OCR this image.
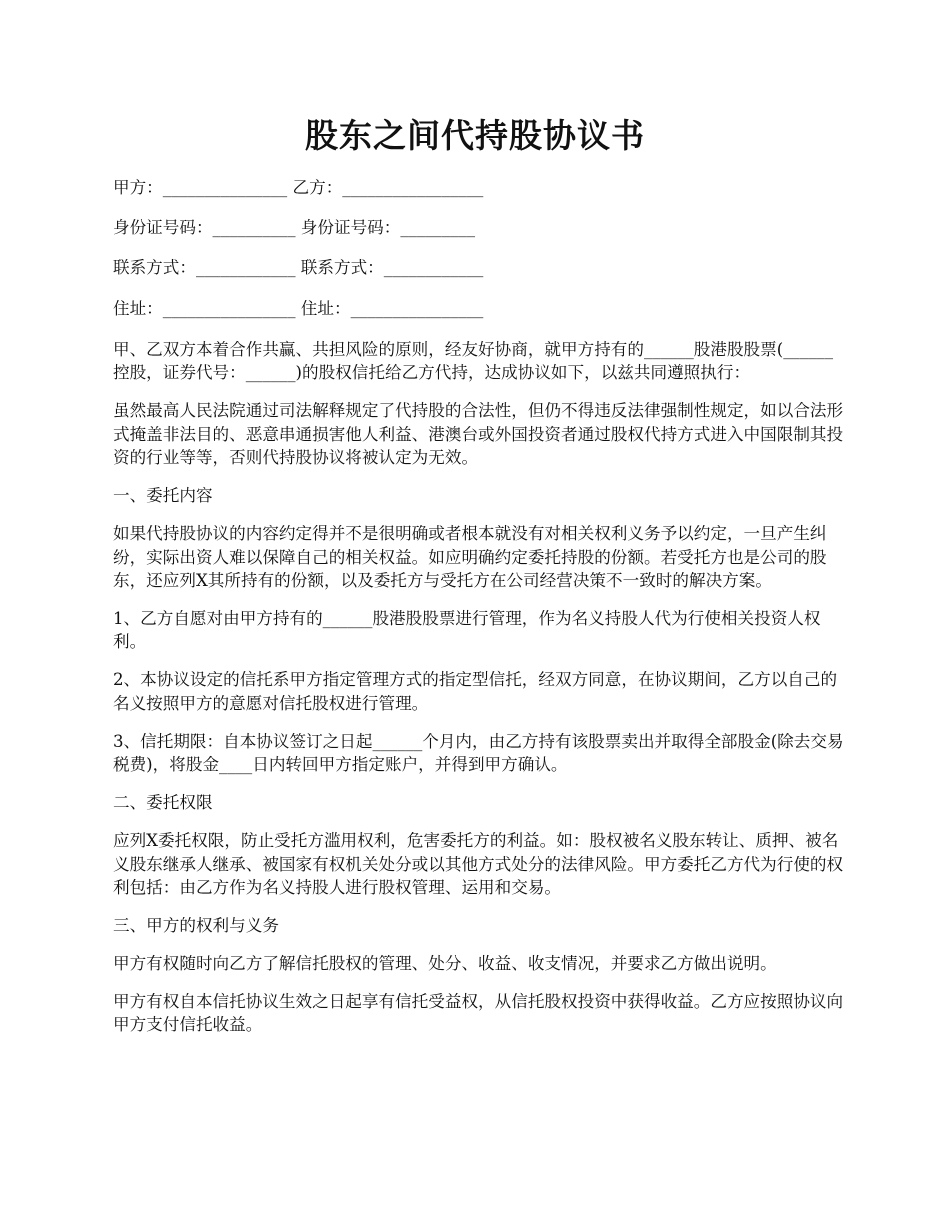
股东之间代持股协议书

甲方：_______________ 乙方：_________________

身份证号码：__________ 身份证号码：_________

联系方式：____________ 联系方式：____________

住址：________________ 住址：________________

甲、乙双方本着合作共赢、共担风险的原则，经友好协商，就甲方持有的______股港股股票(______控股，证券代号：______)的股权信托给乙方代持，达成协议如下，以兹共同遵照执行：

虽然最高人民法院通过司法解释规定了代持股的合法性，但仍不得违反法律强制性规定，如以合法形式掩盖非法目的、恶意串通损害他人利益、港澳台或外国投资者通过股权代持方式进入中国限制其投资的行业等等，否则代持股协议将被认定为无效。

一、委托内容

如果代持股协议的内容约定得并不是很明确或者根本就没有对相关权利义务予以约定，一旦产生纠纷，实际出资人难以保障自己的相关权益。如应明确约定委托持股的份额。若受托方也是公司的股东，还应列X其所持有的份额，以及委托方与受托方在公司经营决策不一致时的解决方案。

1、乙方自愿对由甲方持有的______股港股股票进行管理，作为名义持股人代为行使相关投资人权利。

2、本协议设定的信托系甲方指定管理方式的指定型信托，经双方同意，在协议期间，乙方以自己的名义按照甲方的意愿对信托股权进行管理。

3、信托期限：自本协议签订之日起______个月内，由乙方持有该股票卖出并取得全部股金(除去交易税费)，将股金____日内转回甲方指定账户，并得到甲方确认。

二、委托权限

应列X委托权限，防止受托方滥用权利，危害委托方的利益。如：股权被名义股东转让、质押、被名义股东继承人继承、被国家有权机关处分或以其他方式处分的法律风险。甲方委托乙方代为行使的权利包括：由乙方作为名义持股人进行股权管理、运用和交易。

三、甲方的权利与义务

甲方有权随时向乙方了解信托股权的管理、处分、收益、收支情况，并要求乙方做出说明。

甲方有权自本信托协议生效之日起享有信托受益权，从信托股权投资中获得收益。乙方应按照协议向甲方支付信托收益。
